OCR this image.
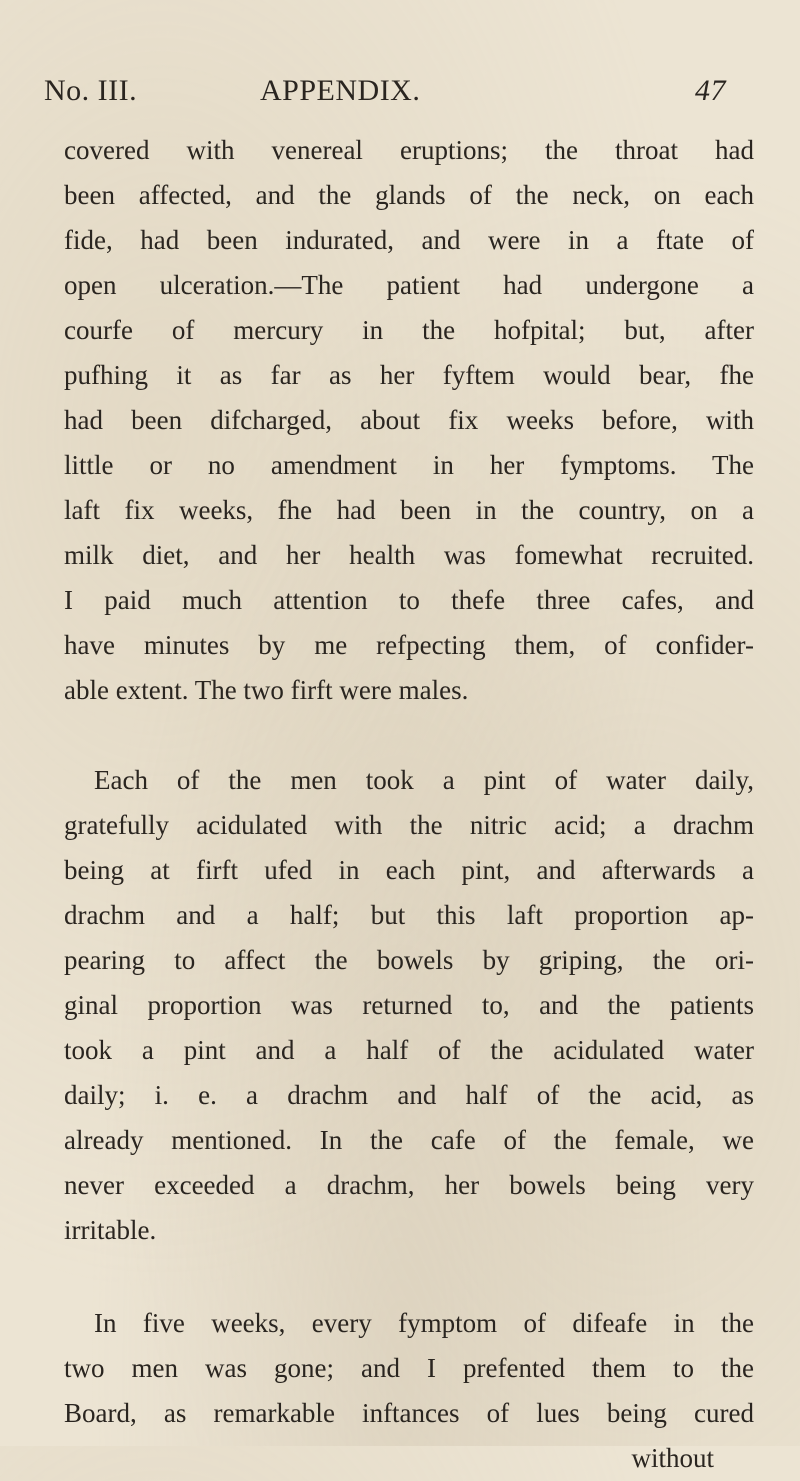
No. III.	APPENDIX.	47
covered with venereal eruptions; the throat had
been affected, and the glands of the neck, on each
fide, had been indurated, and were in a ftate of
open ulceration.—The patient had undergone a
courfe of mercury in the hofpital; but, after
pufhing it as far as her fyftem would bear, fhe
had been difcharged, about fix weeks before, with
little or no amendment in her fymptoms. The
laft fix weeks, fhe had been in the country, on a
milk diet, and her health was fomewhat recruited.
I paid much attention to thefe three cafes, and
have minutes by me refpecting them, of confider-
able extent. The two firft were males.
Each of the men took a pint of water daily,
gratefully acidulated with the nitric acid; a drachm
being at firft ufed in each pint, and afterwards a
drachm and a half; but this laft proportion ap-
pearing to affect the bowels by griping, the ori-
ginal proportion was returned to, and the patients
took a pint and a half of the acidulated water
daily; i. e. a drachm and half of the acid, as
already mentioned. In the cafe of the female, we
never exceeded a drachm, her bowels being very
irritable.
In five weeks, every fymptom of difeafe in the
two men was gone; and I prefented them to the
Board, as remarkable inftances of lues being cured
without
